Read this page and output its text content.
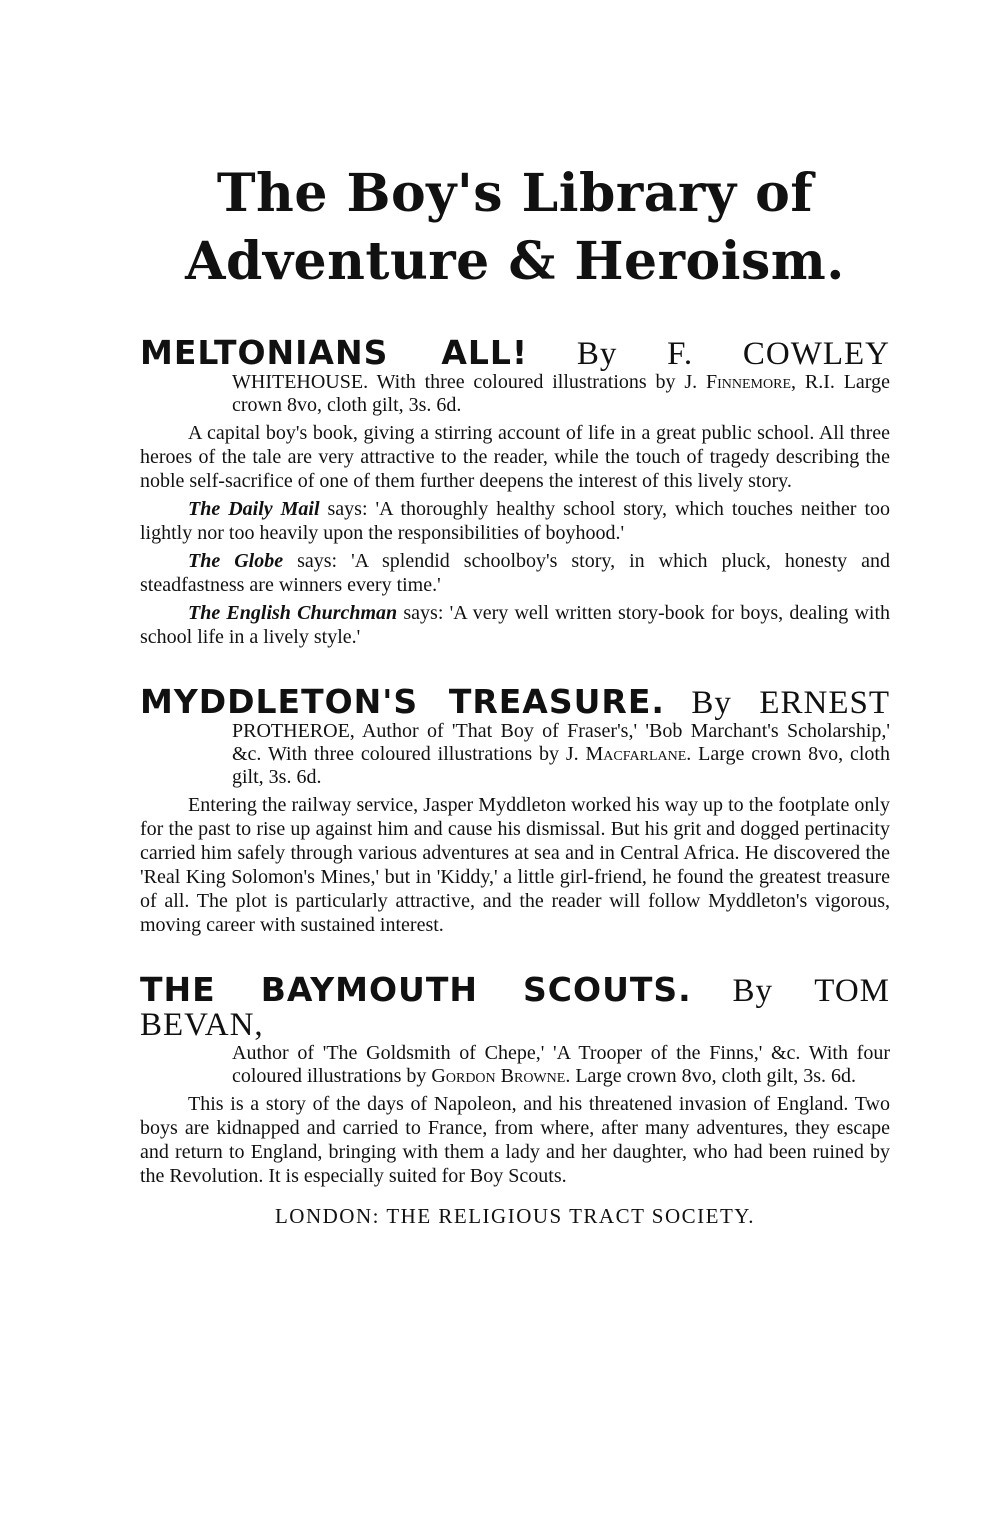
The Boy's Library of
Adventure & Heroism.
MELTONIANS ALL! By F. COWLEY
WHITEHOUSE. With three coloured illustrations by J. Finnemore, R.I. Large crown 8vo, cloth gilt, 3s. 6d.

A capital boy's book, giving a stirring account of life in a great public school. All three heroes of the tale are very attractive to the reader, while the touch of tragedy describing the noble self-sacrifice of one of them further deepens the interest of this lively story.

The Daily Mail says: 'A thoroughly healthy school story, which touches neither too lightly nor too heavily upon the responsibilities of boyhood.'

The Globe says: 'A splendid schoolboy's story, in which pluck, honesty and steadfastness are winners every time.'

The English Churchman says: 'A very well written story-book for boys, dealing with school life in a lively style.'

MYDDLETON'S TREASURE. By ERNEST
PROTHEROE, Author of 'That Boy of Fraser's,' 'Bob Marchant's Scholarship,' &c. With three coloured illustrations by J. Macfarlane. Large crown 8vo, cloth gilt, 3s. 6d.

Entering the railway service, Jasper Myddleton worked his way up to the footplate only for the past to rise up against him and cause his dismissal. But his grit and dogged pertinacity carried him safely through various adventures at sea and in Central Africa. He discovered the 'Real King Solomon's Mines,' but in 'Kiddy,' a little girl-friend, he found the greatest treasure of all. The plot is particularly attractive, and the reader will follow Myddleton's vigorous, moving career with sustained interest.

THE BAYMOUTH SCOUTS. By TOM BEVAN,
Author of 'The Goldsmith of Chepe,' 'A Trooper of the Finns,' &c. With four coloured illustrations by Gordon Browne. Large crown 8vo, cloth gilt, 3s. 6d.

This is a story of the days of Napoleon, and his threatened invasion of England. Two boys are kidnapped and carried to France, from where, after many adventures, they escape and return to England, bringing with them a lady and her daughter, who had been ruined by the Revolution. It is especially suited for Boy Scouts.

LONDON: THE RELIGIOUS TRACT SOCIETY.
